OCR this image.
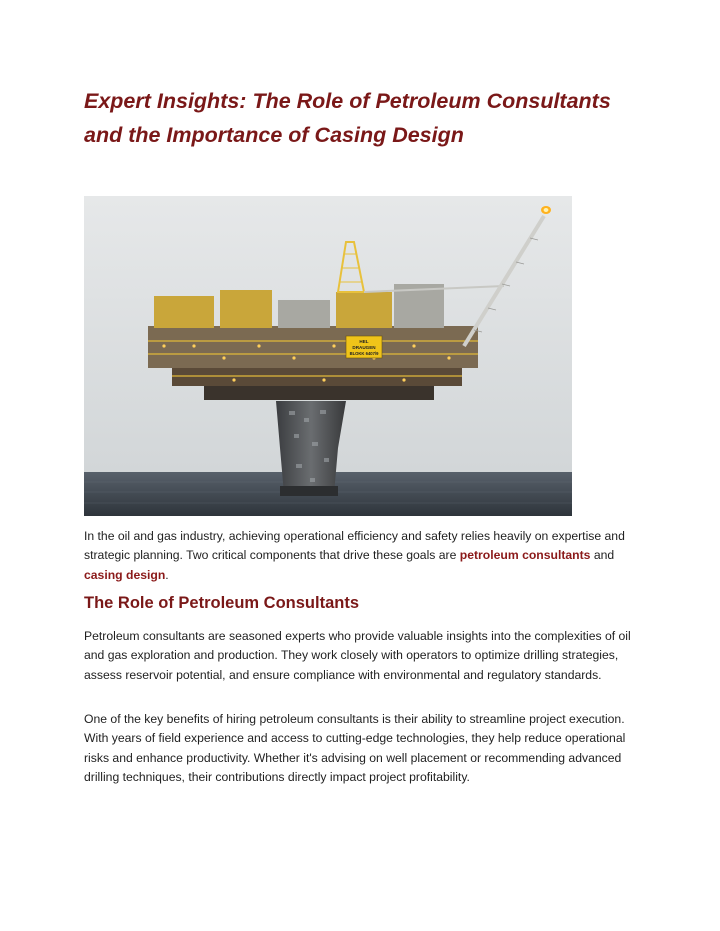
Expert Insights: The Role of Petroleum Consultants and the Importance of Casing Design
HEL
DRAUGEN
BLOKK 6407/9

In the oil and gas industry, achieving operational efficiency and safety relies heavily on expertise and strategic planning. Two critical components that drive these goals are petroleum consultants and casing design.

The Role of Petroleum Consultants

Petroleum consultants are seasoned experts who provide valuable insights into the complexities of oil and gas exploration and production. They work closely with operators to optimize drilling strategies, assess reservoir potential, and ensure compliance with environmental and regulatory standards.

One of the key benefits of hiring petroleum consultants is their ability to streamline project execution. With years of field experience and access to cutting-edge technologies, they help reduce operational risks and enhance productivity. Whether it's advising on well placement or recommending advanced drilling techniques, their contributions directly impact project profitability.
